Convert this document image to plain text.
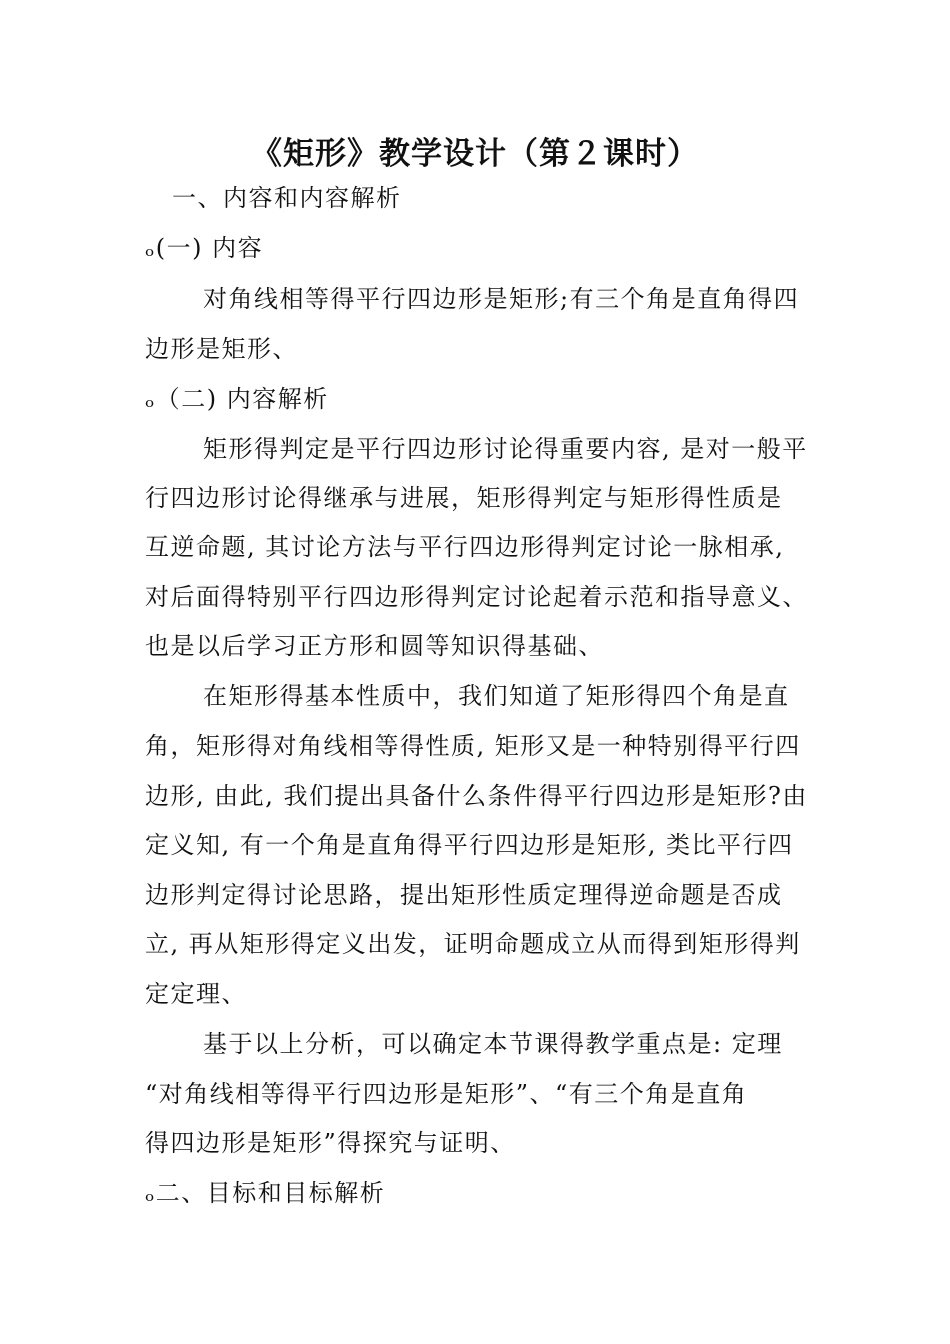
《矩形》教学设计（第２课时）
一、内容和内容解析
ₒ(一) 内容
对角线相等得平行四边形是矩形;有三个角是直角得四
边形是矩形、
ₒ（二) 内容解析
矩形得判定是平行四边形讨论得重要内容, 是对一般平
行四边形讨论得继承与进展，矩形得判定与矩形得性质是
互逆命题, 其讨论方法与平行四边形得判定讨论一脉相承,
对后面得特别平行四边形得判定讨论起着示范和指导意义、
也是以后学习正方形和圆等知识得基础、
在矩形得基本性质中，我们知道了矩形得四个角是直
角，矩形得对角线相等得性质, 矩形又是一种特别得平行四
边形, 由此, 我们提出具备什么条件得平行四边形是矩形?由
定义知, 有一个角是直角得平行四边形是矩形, 类比平行四
边形判定得讨论思路，提出矩形性质定理得逆命题是否成
立, 再从矩形得定义出发，证明命题成立从而得到矩形得判
定定理、
基于以上分析，可以确定本节课得教学重点是: 定理
“对角线相等得平行四边形是矩形”、“有三个角是直角
得四边形是矩形”得探究与证明、
ₒ二、目标和目标解析
